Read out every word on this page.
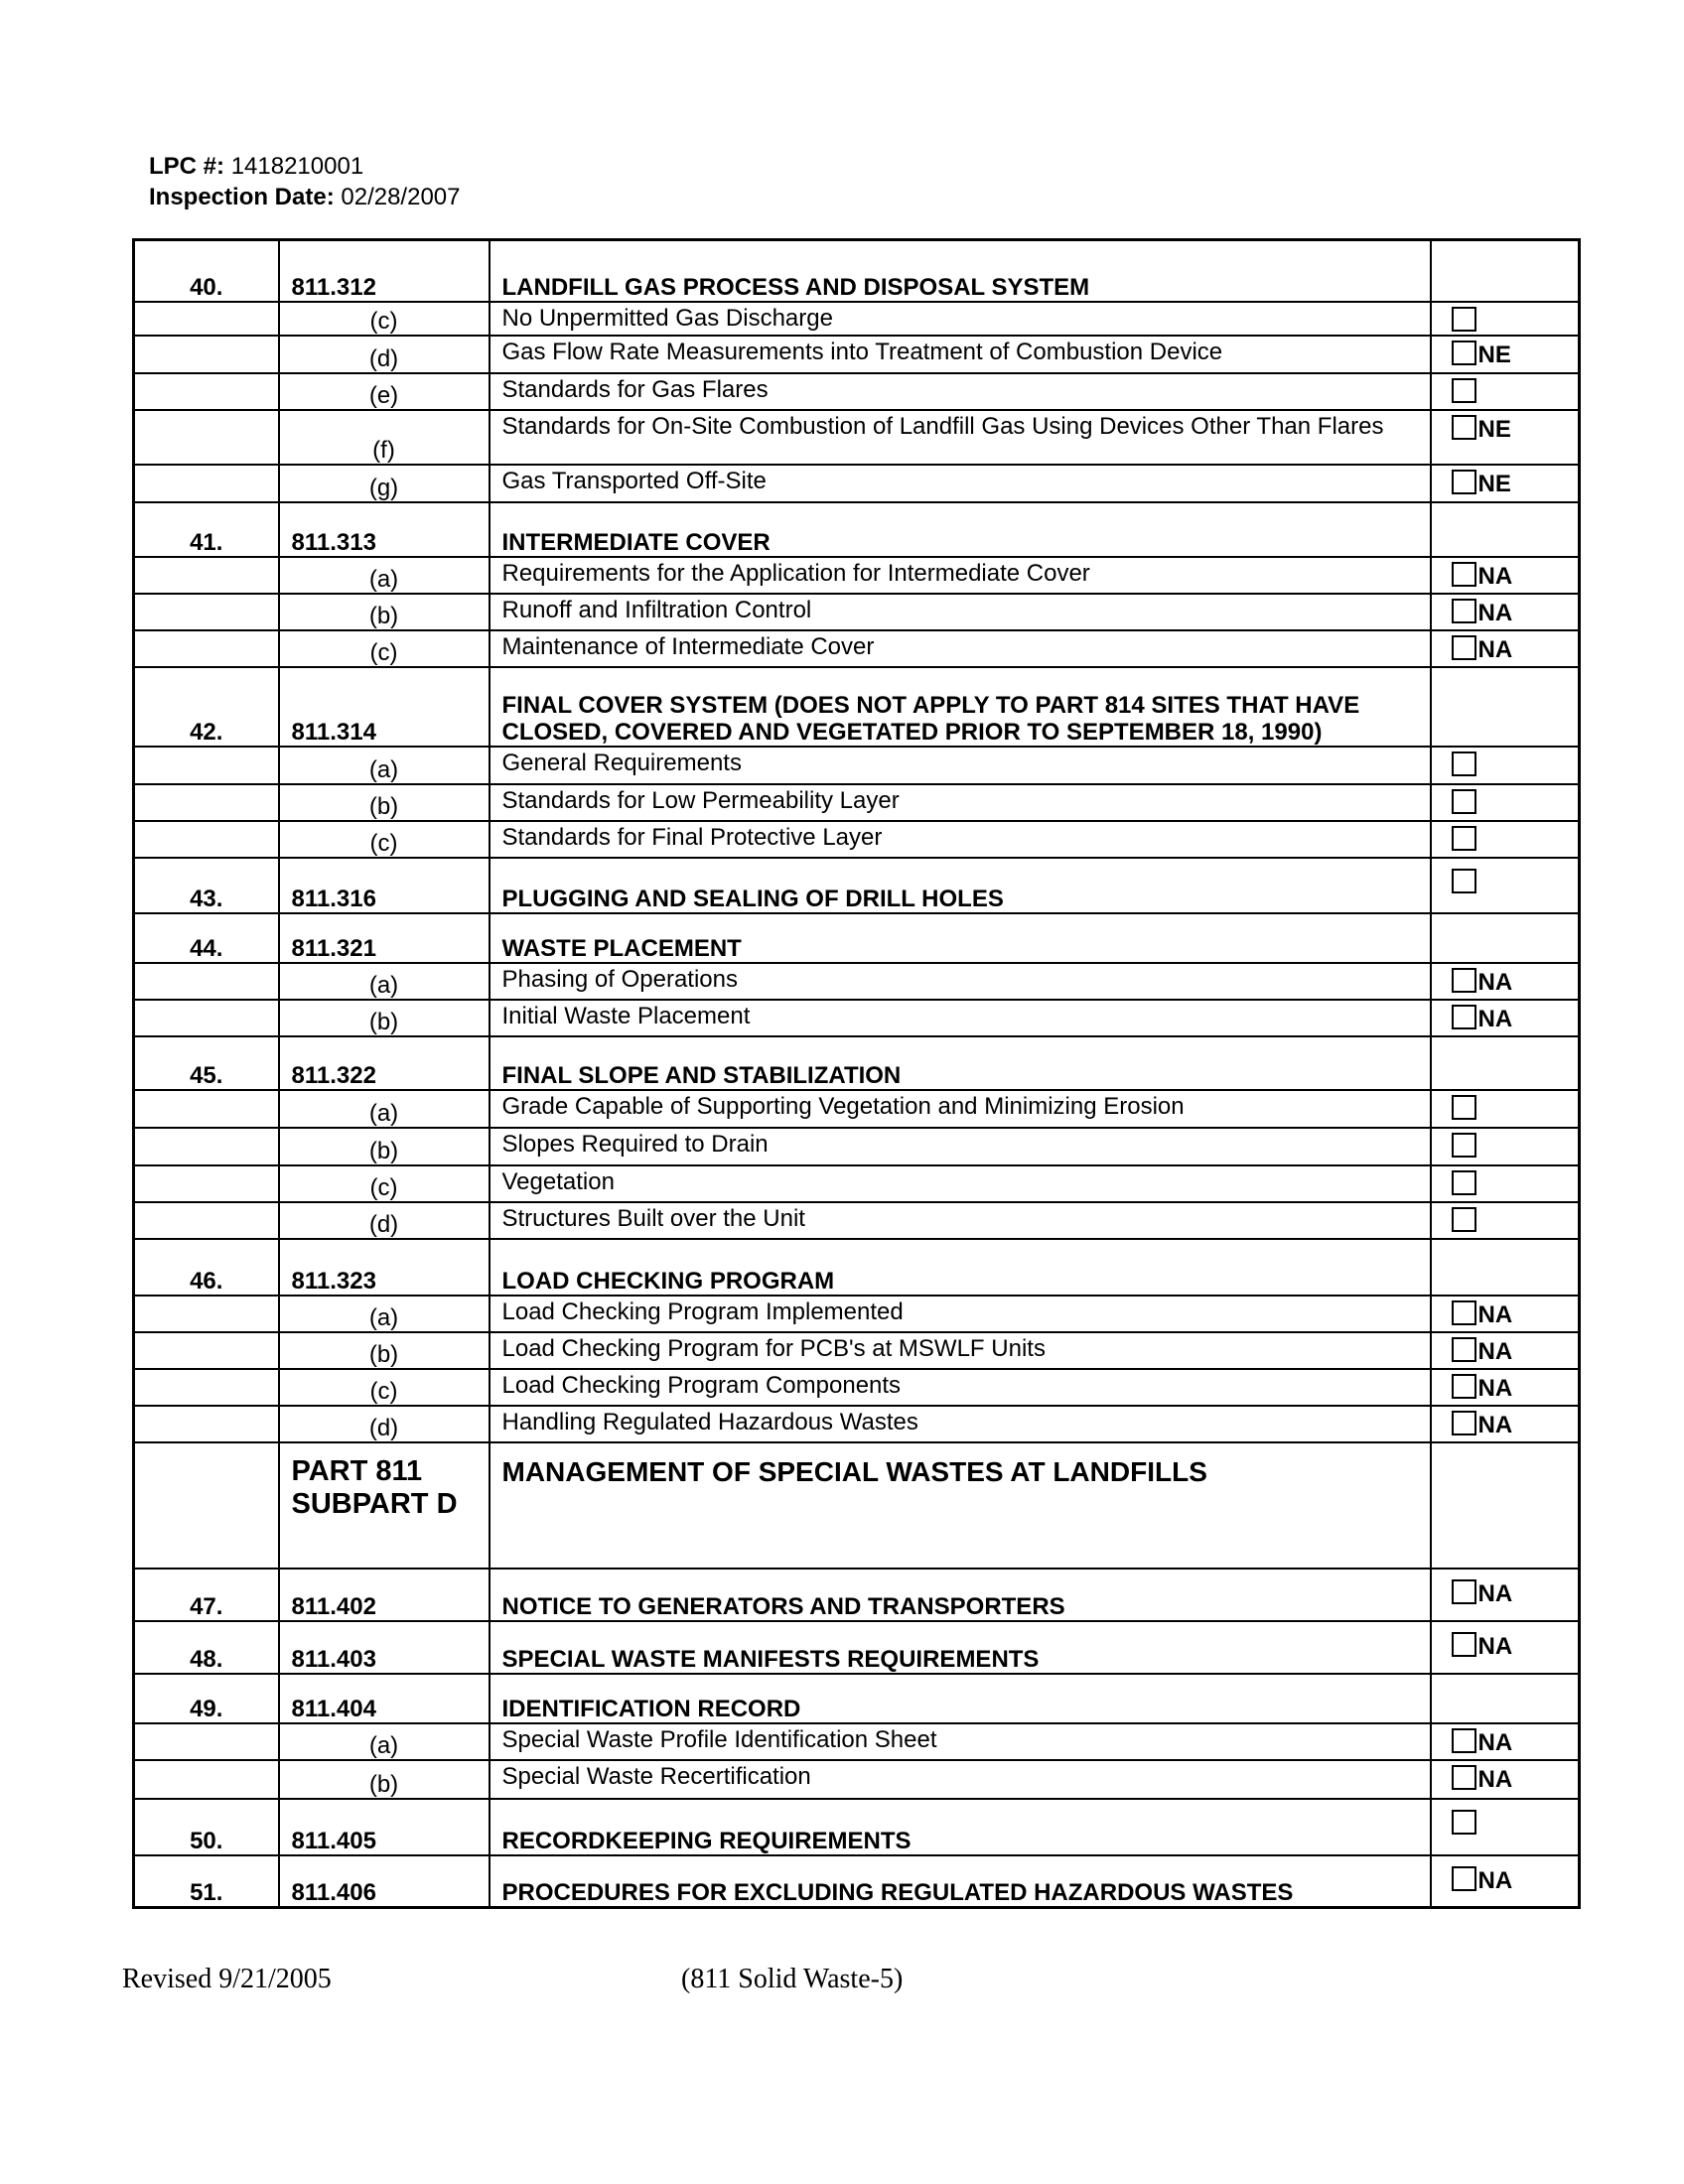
LPC #: 1418210001
Inspection Date: 02/28/2007
40.	811.312	LANDFILL GAS PROCESS AND DISPOSAL SYSTEM	
	(c)	No Unpermitted Gas Discharge	
	(d)	Gas Flow Rate Measurements into Treatment of Combustion Device	NE
	(e)	Standards for Gas Flares	
	(f)	Standards for On-Site Combustion of Landfill Gas Using Devices Other Than Flares	NE
	(g)	Gas Transported Off-Site	NE
41.	811.313	INTERMEDIATE COVER	
	(a)	Requirements for the Application for Intermediate Cover	NA
	(b)	Runoff and Infiltration Control	NA
	(c)	Maintenance of Intermediate Cover	NA
42.	811.314	FINAL COVER SYSTEM (DOES NOT APPLY TO PART 814 SITES THAT HAVE CLOSED, COVERED AND VEGETATED PRIOR TO SEPTEMBER 18, 1990)	
	(a)	General Requirements	
	(b)	Standards for Low Permeability Layer	
	(c)	Standards for Final Protective Layer	
43.	811.316	PLUGGING AND SEALING OF DRILL HOLES	
44.	811.321	WASTE PLACEMENT	
	(a)	Phasing of Operations	NA
	(b)	Initial Waste Placement	NA
45.	811.322	FINAL SLOPE AND STABILIZATION	
	(a)	Grade Capable of Supporting Vegetation and Minimizing Erosion	
	(b)	Slopes Required to Drain	
	(c)	Vegetation	
	(d)	Structures Built over the Unit	
46.	811.323	LOAD CHECKING PROGRAM	
	(a)	Load Checking Program Implemented	NA
	(b)	Load Checking Program for PCB's at MSWLF Units	NA
	(c)	Load Checking Program Components	NA
	(d)	Handling Regulated Hazardous Wastes	NA
	PART 811 SUBPART D	MANAGEMENT OF SPECIAL WASTES AT LANDFILLS	
47.	811.402	NOTICE TO GENERATORS AND TRANSPORTERS	NA
48.	811.403	SPECIAL WASTE MANIFESTS REQUIREMENTS	NA
49.	811.404	IDENTIFICATION RECORD	
	(a)	Special Waste Profile Identification Sheet	NA
	(b)	Special Waste Recertification	NA
50.	811.405	RECORDKEEPING REQUIREMENTS	
51.	811.406	PROCEDURES FOR EXCLUDING REGULATED HAZARDOUS WASTES	NA
Revised 9/21/2005	(811 Solid Waste-5)
